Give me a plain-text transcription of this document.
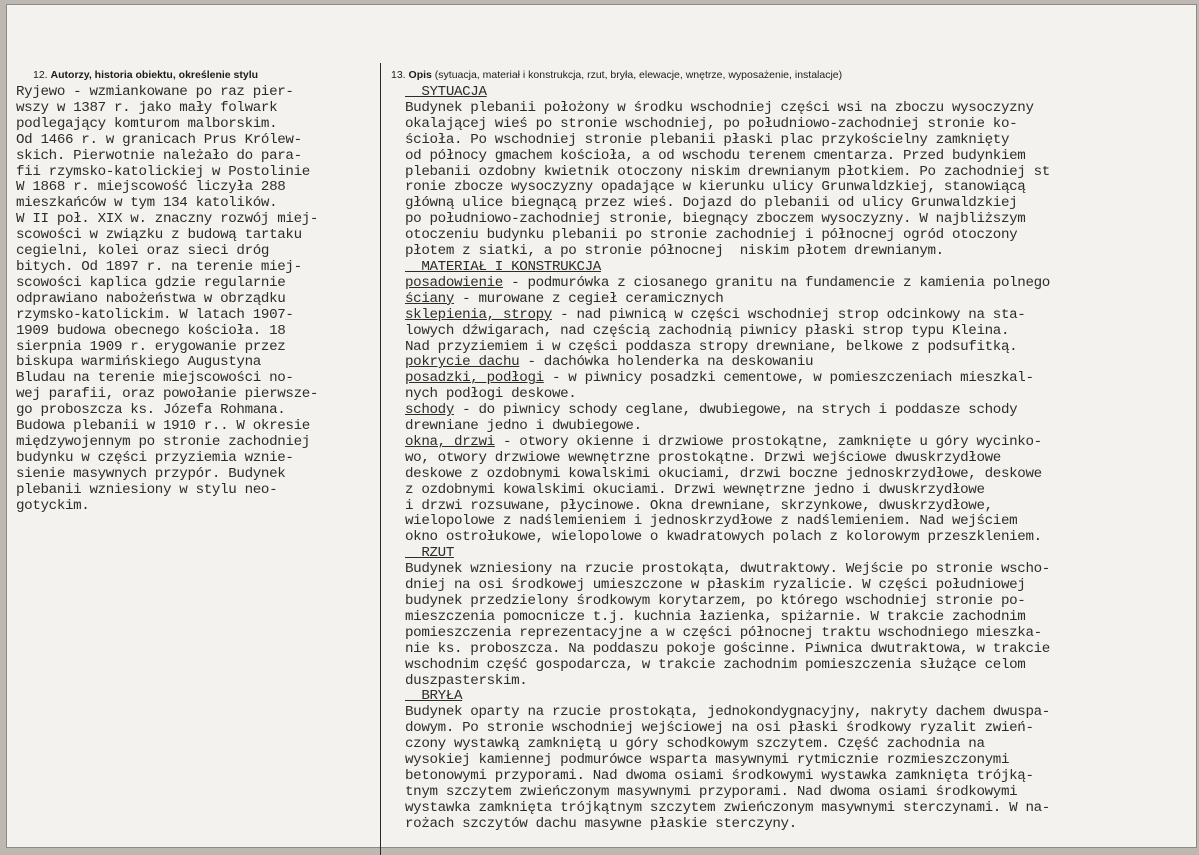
12. Autorzy, historia obiektu, określenie stylu	13. Opis (sytuacja, materiał i konstrukcja, rzut, bryła, elewacje, wnętrze, wyposażenie, instalacje)
Ryjewo - wzmiankowane po raz pier-
wszy w 1387 r. jako mały folwark
podlegający komturom malborskim.
Od 1466 r. w granicach Prus Królew-
skich. Pierwotnie należało do para-
fii rzymsko-katolickiej w Postolinie
W 1868 r. miejscowość liczyła 288
mieszkańców w tym 134 katolików.
W II poł. XIX w. znaczny rozwój miej-
scowości w związku z budową tartaku
cegielni, kolei oraz sieci dróg
bitych. Od 1897 r. na terenie miej-
scowości kaplica gdzie regularnie
odprawiano nabożeństwa w obrządku
rzymsko-katolickim. W latach 1907-
1909 budowa obecnego kościoła. 18
sierpnia 1909 r. erygowanie przez
biskupa warmińskiego Augustyna
Bludau na terenie miejscowości no-
wej parafii, oraz powołanie pierwsze-
go proboszcza ks. Józefa Rohmana.
Budowa plebanii w 1910 r.. W okresie
międzywojennym po stronie zachodniej
budynku w części przyziemia wznie-
sienie masywnych przypór. Budynek
plebanii wzniesiony w stylu neo-
gotyckim.
SYTUACJA
Budynek plebanii położony w środku wschodniej części wsi na zboczu wysoczyzny
okalającej wieś po stronie wschodniej, po południowo-zachodniej stronie ko-
ścioła. Po wschodniej stronie plebanii płaski plac przykościelny zamknięty
od północy gmachem kościoła, a od wschodu terenem cmentarza. Przed budynkiem
plebanii ozdobny kwietnik otoczony niskim drewnianym płotkiem. Po zachodniej st
ronie zbocze wysoczyzny opadające w kierunku ulicy Grunwaldzkiej, stanowiącą
główną ulice biegnącą przez wieś. Dojazd do plebanii od ulicy Grunwaldzkiej
po południowo-zachodniej stronie, biegnący zboczem wysoczyzny. W najbliższym
otoczeniu budynku plebanii po stronie zachodniej i północnej ogród otoczony
płotem z siatki, a po stronie północnej  niskim płotem drewnianym.
MATERIAŁ I KONSTRUKCJA
posadowienie - podmurówka z ciosanego granitu na fundamencie z kamienia polnego
ściany - murowane z cegieł ceramicznych
sklepienia, stropy - nad piwnicą w części wschodniej strop odcinkowy na sta-
lowych dźwigarach, nad częścią zachodnią piwnicy płaski strop typu Kleina.
Nad przyziemiem i w części poddasza stropy drewniane, belkowe z podsufitką.
pokrycie dachu - dachówka holenderka na deskowaniu
posadzki, podłogi - w piwnicy posadzki cementowe, w pomieszczeniach mieszkal-
nych podłogi deskowe.
schody - do piwnicy schody ceglane, dwubiegowe, na strych i poddasze schody
drewniane jedno i dwubiegowe.
okna, drzwi - otwory okienne i drzwiowe prostokątne, zamknięte u góry wycinko-
wo, otwory drzwiowe wewnętrzne prostokątne. Drzwi wejściowe dwuskrzydłowe
deskowe z ozdobnymi kowalskimi okuciami, drzwi boczne jednoskrzydłowe, deskowe
z ozdobnymi kowalskimi okuciami. Drzwi wewnętrzne jedno i dwuskrzydłowe
i drzwi rozsuwane, płycinowe. Okna drewniane, skrzynkowe, dwuskrzydłowe,
wielopolowe z nadślemieniem i jednoskrzydłowe z nadślemieniem. Nad wejściem
okno ostrołukowe, wielopolowe o kwadratowych polach z kolorowym przeszkleniem.
RZUT
Budynek wzniesiony na rzucie prostokąta, dwutraktowy. Wejście po stronie wscho-
dniej na osi środkowej umieszczone w płaskim ryzalicie. W części południowej
budynek przedzielony środkowym korytarzem, po którego wschodniej stronie po-
mieszczenia pomocnicze t.j. kuchnia łazienka, spiżarnie. W trakcie zachodnim
pomieszczenia reprezentacyjne a w części północnej traktu wschodniego mieszka-
nie ks. proboszcza. Na poddaszu pokoje gościnne. Piwnica dwutraktowa, w trakcie
wschodnim część gospodarcza, w trakcie zachodnim pomieszczenia służące celom
duszpasterskim.
BRYŁA
Budynek oparty na rzucie prostokąta, jednokondygnacyjny, nakryty dachem dwuspa-
dowym. Po stronie wschodniej wejściowej na osi płaski środkowy ryzalit zwień-
czony wystawką zamkniętą u góry schodkowym szczytem. Część zachodnia na
wysokiej kamiennej podmurówce wsparta masywnymi rytmicznie rozmieszczonymi
betonowymi przyporami. Nad dwoma osiami środkowymi wystawka zamknięta trójką-
tnym szczytem zwieńczonym masywnymi przyporami. Nad dwoma osiami środkowymi
wystawka zamknięta trójkątnym szczytem zwieńczonym masywnymi sterczynami. W na-
rożach szczytów dachu masywne płaskie sterczyny.
